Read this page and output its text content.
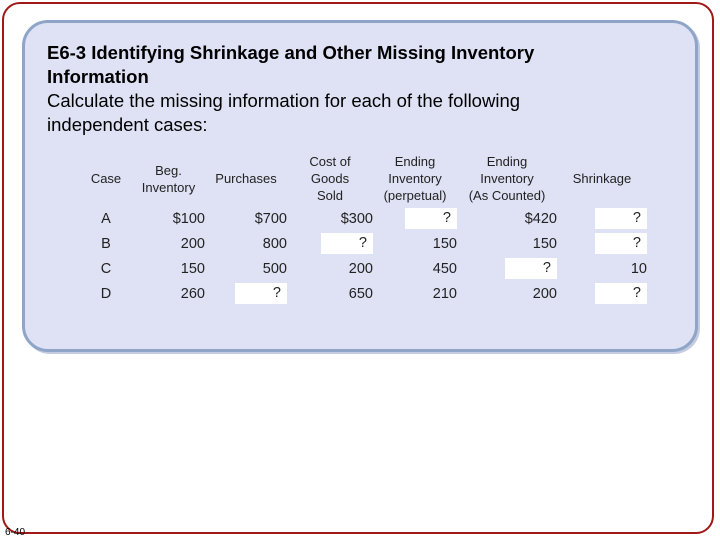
E6-3 Identifying Shrinkage and Other Missing Inventory
Information
Calculate the missing information for each of the following
independent cases:
Case	Beg.
Inventory	Purchases	Cost of
Goods
Sold	Ending
Inventory
(perpetual)	Ending
Inventory
(As Counted)	Shrinkage
A	$100	$700	$300	?	$420	?
B	200	800	?	150	150	?
C	150	500	200	450	?	10
D	260	?	650	210	200	?
6-40
